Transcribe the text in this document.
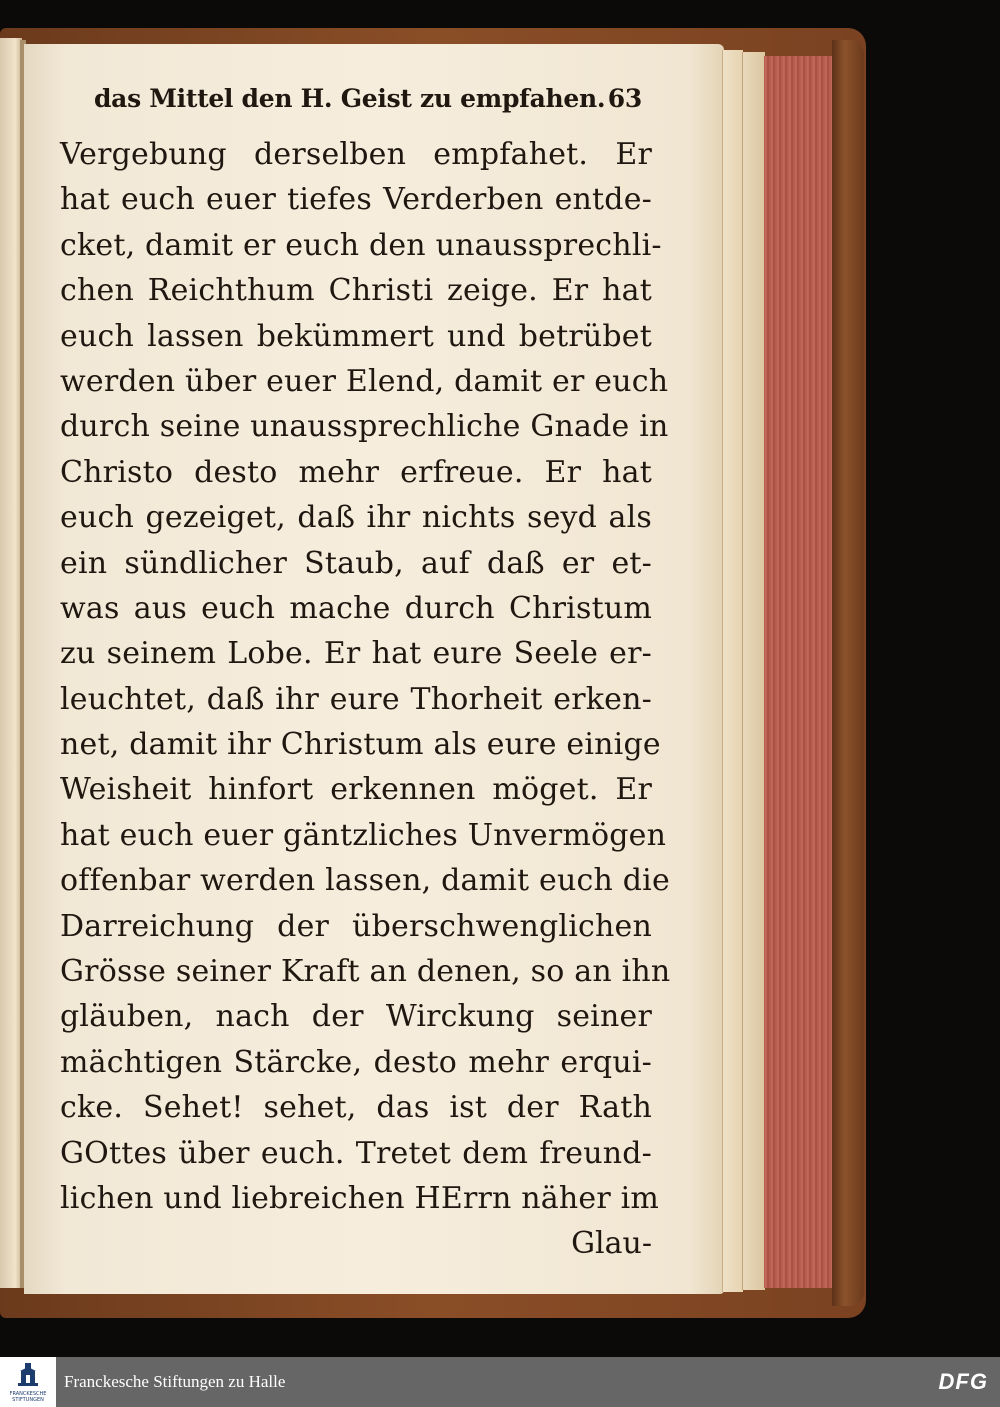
das Mittel den H. Geist zu empfahen. 63
Vergebung derselben empfahet. Er
hat euch euer tiefes Verderben entde-
cket, damit er euch den unaussprechli-
chen Reichthum Christi zeige. Er hat
euch lassen bekümmert und betrübet
werden über euer Elend, damit er euch
durch seine unaussprechliche Gnade in
Christo desto mehr erfreue. Er hat
euch gezeiget, daß ihr nichts seyd als
ein sündlicher Staub, auf daß er et-
was aus euch mache durch Christum
zu seinem Lobe. Er hat eure Seele er-
leuchtet, daß ihr eure Thorheit erken-
net, damit ihr Christum als eure einige
Weisheit hinfort erkennen möget. Er
hat euch euer gäntzliches Unvermögen
offenbar werden lassen, damit euch die
Darreichung der überschwenglichen
Grösse seiner Kraft an denen, so an ihn
gläuben, nach der Wirckung seiner
mächtigen Stärcke, desto mehr erqui-
cke. Sehet! sehet, das ist der Rath
GOttes über euch. Tretet dem freund-
lichen und liebreichen HErrn näher im
Glau-
FRANCKESCHE STIFTUNGEN
Franckesche Stiftungen zu Halle	DFG
